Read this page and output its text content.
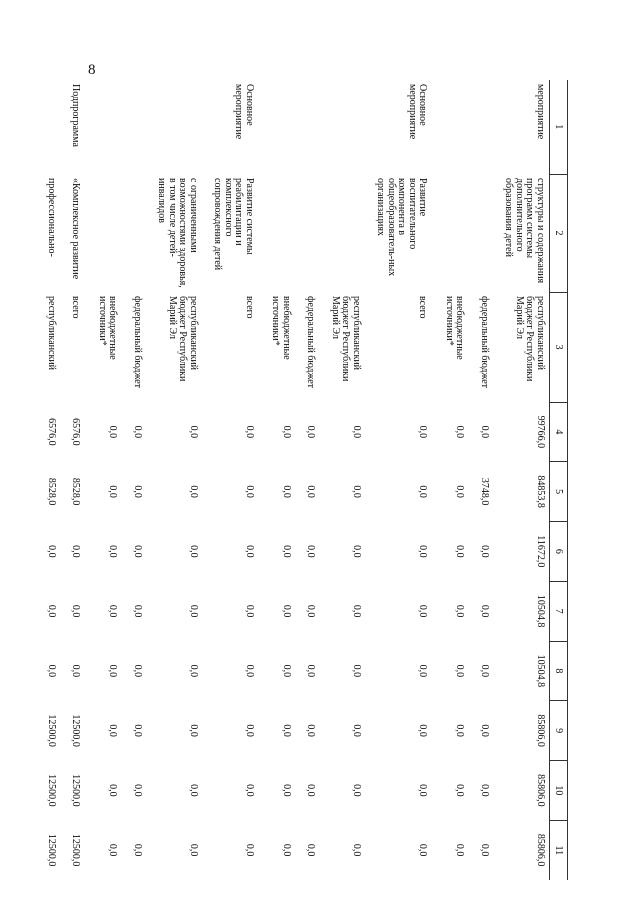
8
1	2	3	4	5	6	7	8	9	10	11
мероприятие	структуры и содержания программ системы дополнительного образования детей	республиканский бюджет Республики Марий Эл	99766,0	84853,8	11672,0	10504,8	10504,8	85806,0	85806,0	85806,0
		федеральный бюджет	0,0	3748,0	0,0	0,0	0,0	0,0	0,0	0,0
		внебюджетные источники*	0,0	0,0	0,0	0,0	0,0	0,0	0,0	0,0
Основное мероприятие	Развитие воспитательного компонента в общеобразователь-ных организациях	всего	0,0	0,0	0,0	0,0	0,0	0,0	0,0	0,0
		республиканский бюджет Республики Марий Эл	0,0	0,0	0,0	0,0	0,0	0,0	0,0	0,0
		федеральный бюджет	0,0	0,0	0,0	0,0	0,0	0,0	0,0	0,0
		внебюджетные источники*	0,0	0,0	0,0	0,0	0,0	0,0	0,0	0,0
Основное мероприятие	Развитие системы реабилитации и комплексного сопровождения детей	всего	0,0	0,0	0,0	0,0	0,0	0,0	0,0	0,0
	с ограниченными возможностями здоровья, в том числе детей-инвалидов	республиканский бюджет Республики Марий Эл	0,0	0,0	0,0	0,0	0,0	0,0	0,0	0,0
		федеральный бюджет	0,0	0,0	0,0	0,0	0,0	0,0	0,0	0,0
		внебюджетные источники*	0,0	0,0	0,0	0,0	0,0	0,0	0,0	0,0
Подпрограмма	«Комплексное развитие	всего	6576,0	8528,0	0,0	0,0	0,0	12500,0	12500,0	12500,0
	профессионально-	республиканский	6576,0	8528,0	0,0	0,0	0,0	12500,0	12500,0	12500,0
